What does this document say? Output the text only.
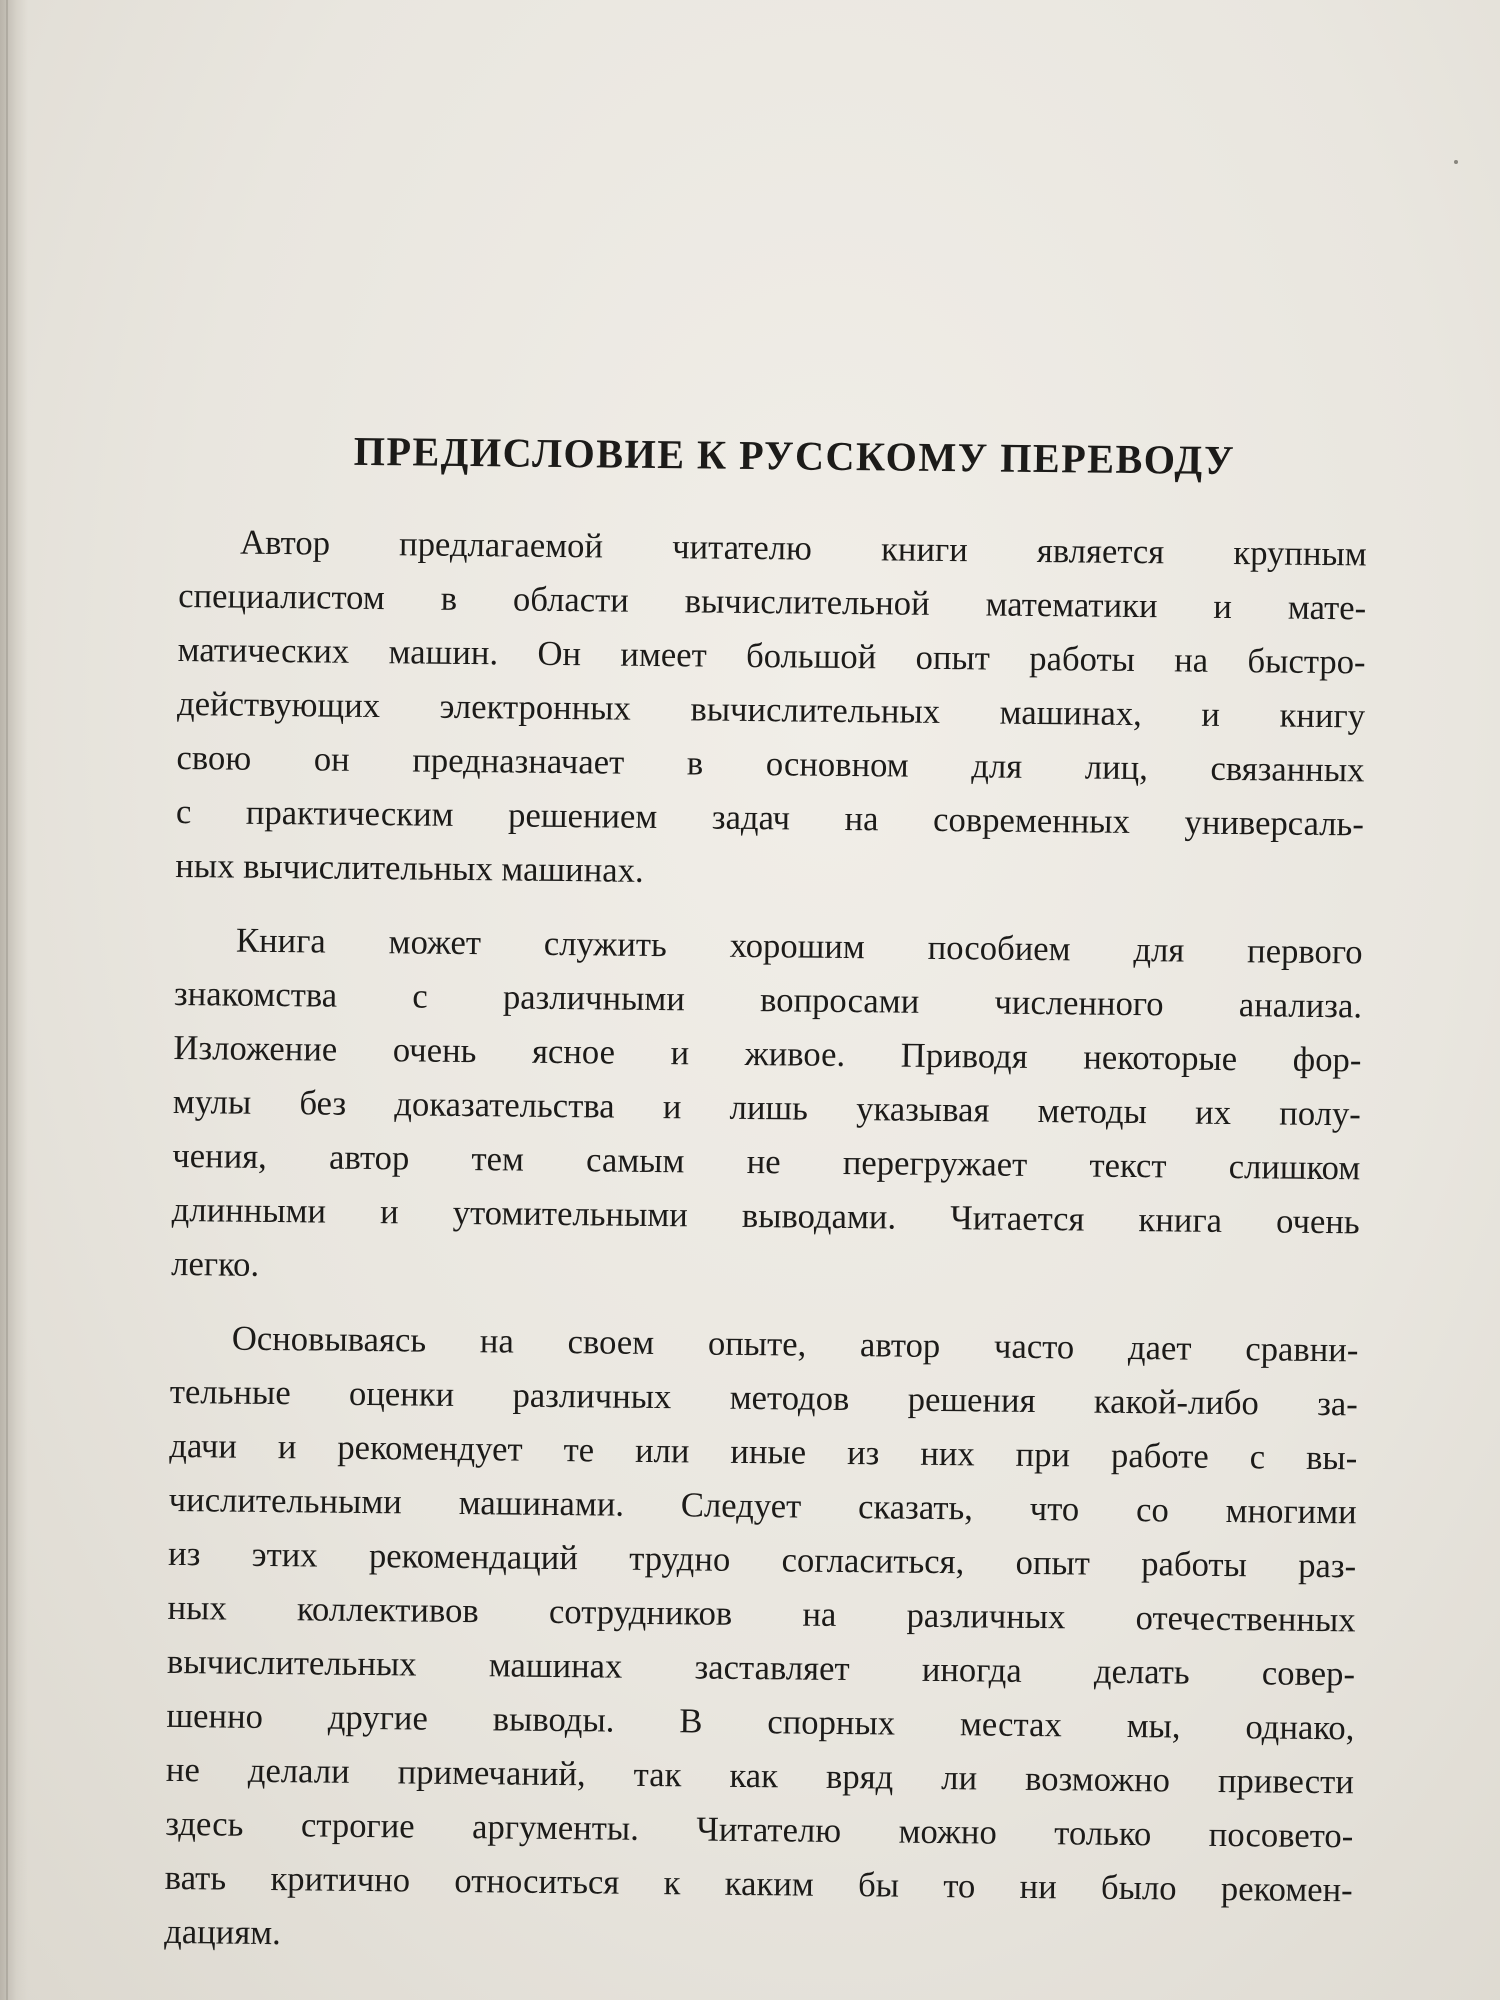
ПРЕДИСЛОВИЕ К РУССКОМУ ПЕРЕВОДУ
Автор предлагаемой читателю книги является крупным
специалистом в области вычислительной математики и мате-
матических машин. Он имеет большой опыт работы на быстро-
действующих электронных вычислительных машинах, и книгу
свою он предназначает в основном для лиц, связанных
с практическим решением задач на современных универсаль-
ных вычислительных машинах.
Книга может служить хорошим пособием для первого
знакомства с различными вопросами численного анализа.
Изложение очень ясное и живое. Приводя некоторые фор-
мулы без доказательства и лишь указывая методы их полу-
чения, автор тем самым не перегружает текст слишком
длинными и утомительными выводами. Читается книга очень
легко.
Основываясь на своем опыте, автор часто дает сравни-
тельные оценки различных методов решения какой-либо за-
дачи и рекомендует те или иные из них при работе с вы-
числительными машинами. Следует сказать, что со многими
из этих рекомендаций трудно согласиться, опыт работы раз-
ных коллективов сотрудников на различных отечественных
вычислительных машинах заставляет иногда делать совер-
шенно другие выводы. В спорных местах мы, однако,
не делали примечаний, так как вряд ли возможно привести
здесь строгие аргументы. Читателю можно только посовето-
вать критично относиться к каким бы то ни было рекомен-
дациям.
